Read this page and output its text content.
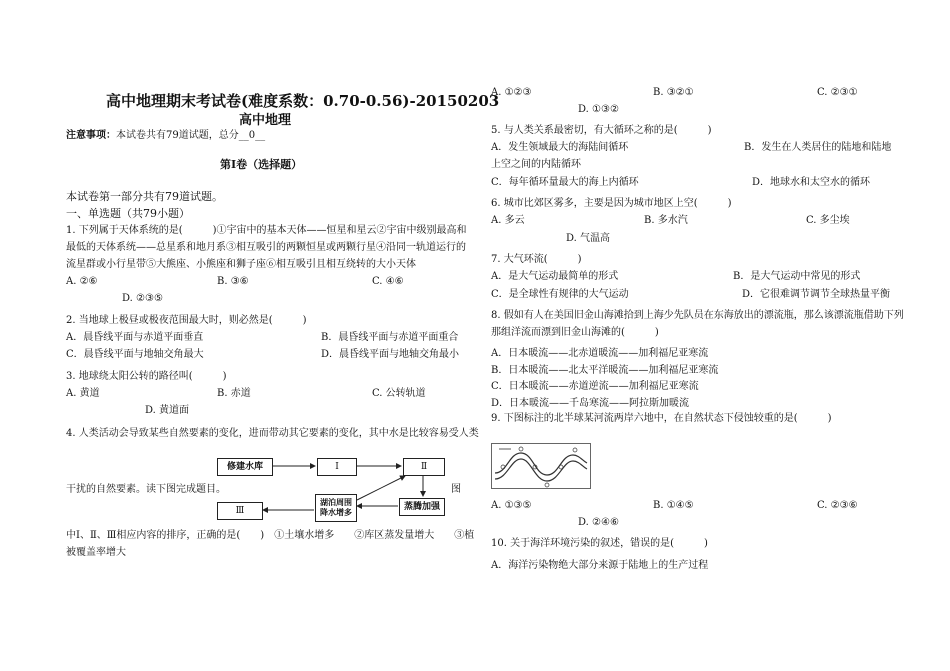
高中地理期末考试卷(难度系数：0.70-0.56)-20150203
高中地理
注意事项：本试卷共有79道试题，总分__0__
第I卷（选择题）
本试卷第一部分共有79道试题。
一、单选题（共79小题）
1. 下列属于天体系统的是(　　　)①宇宙中的基本天体——恒星和星云②宇宙中级别最高和
最低的天体系统——总星系和地月系③相互吸引的两颗恒星或两颗行星④沿同一轨道运行的
流星群或小行星带⑤大熊座、小熊座和狮子座⑥相互吸引且相互绕转的大小天体
A. ②⑥	B. ③⑥	C. ④⑥
D. ②③⑤
2. 当地球上极昼或极夜范围最大时，则必然是(　　　)
A．晨昏线平面与赤道平面垂直	B．晨昏线平面与赤道平面重合
C．晨昏线平面与地轴交角最大	D．晨昏线平面与地轴交角最小
3. 地球绕太阳公转的路径叫(　　　)
A. 黄道	B. 赤道	C. 公转轨道
D. 黄道面
4. 人类活动会导致某些自然要素的变化，进而带动其它要素的变化，其中水是比较容易受人类
修建水库	I	Ⅱ
Ⅲ
湖泊周围
降水增多
蒸腾加强
干扰的自然要素。读下图完成题目。	图
中Ⅰ、Ⅱ、Ⅲ相应内容的排序，正确的是(　　)　①土壤水增多　　②库区蒸发量增大　　③植
被覆盖率增大
A. ①②③	B. ③②①	C. ②③①
D. ①③②
5. 与人类关系最密切，有大循环之称的是(　　　)
A．发生领域最大的海陆间循环	B．发生在人类居住的陆地和陆地
上空之间的内陆循环
C．每年循环量最大的海上内循环	D．地球水和太空水的循环
6. 城市比郊区雾多，主要是因为城市地区上空(　　　)
A. 多云	B. 多水汽	C. 多尘埃
D. 气温高
7. 大气环流(　　　)
A．是大气运动最简单的形式	B．是大气运动中常见的形式
C．是全球性有规律的大气运动	D．它很难调节调节全球热量平衡
8. 假如有人在美国旧金山海滩拾到上海少先队员在东海放出的漂流瓶，那么该漂流瓶借助下列
那组洋流而漂到旧金山海滩的(　　　)
A．日本暖流——北赤道暖流——加利福尼亚寒流
B．日本暖流——北太平洋暖流——加利福尼亚寒流
C．日本暖流——赤道逆流——加利福尼亚寒流
D．日本暖流——千岛寒流——阿拉斯加暖流
9. 下图标注的北半球某河流两岸六地中，在自然状态下侵蚀较重的是(　　　)
A. ①③⑤	B. ①④⑤	C. ②③⑥
D. ②④⑥
10. 关于海洋环境污染的叙述，错误的是(　　　)
A．海洋污染物绝大部分来源于陆地上的生产过程
